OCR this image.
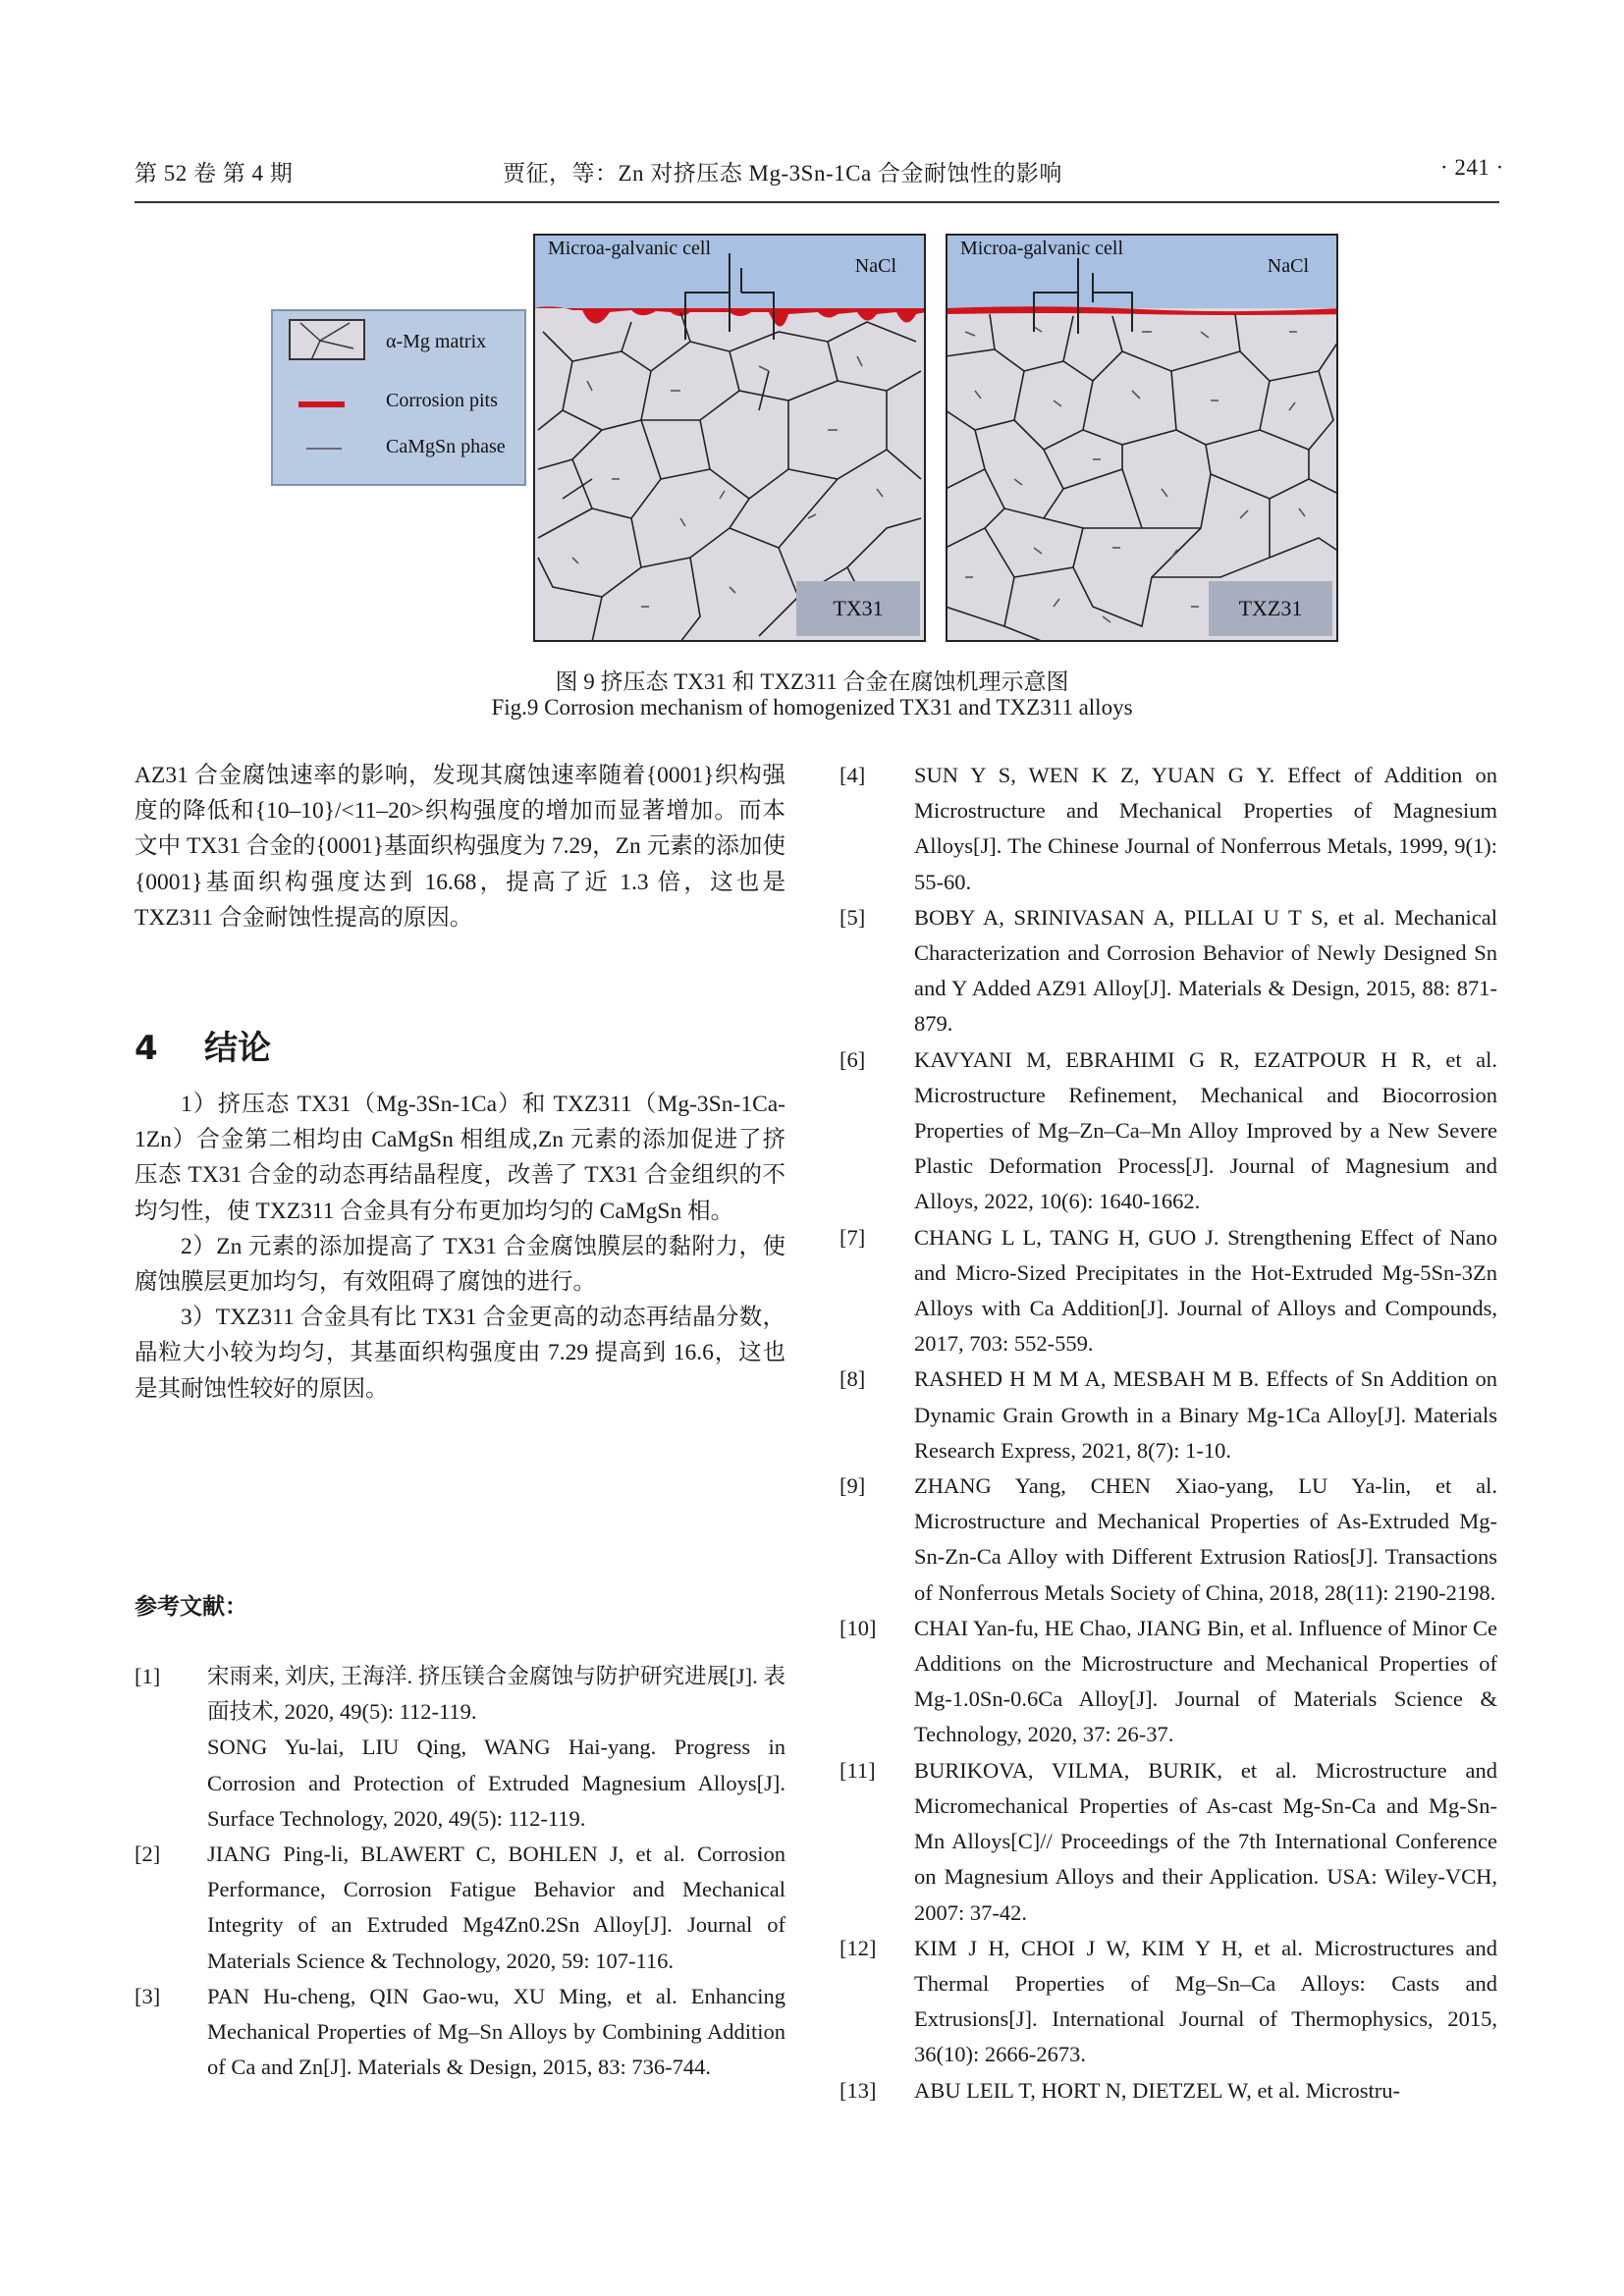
第 52 卷 第 4 期	贾征，等：Zn 对挤压态 Mg-3Sn-1Ca 合金耐蚀性的影响	· 241 ·
α-Mg matrix
Corrosion pits
CaMgSn phase
Microa-galvanic cell
NaCl
TX31
Microa-galvanic cell
NaCl
TXZ31
图 9 挤压态 TX31 和 TXZ311 合金在腐蚀机理示意图
Fig.9 Corrosion mechanism of homogenized TX31 and TXZ311 alloys

AZ31 合金腐蚀速率的影响，发现其腐蚀速率随着{0001}织构强度的降低和{10–10}/<11–20>织构强度的增加而显著增加。而本文中 TX31 合金的{0001}基面织构强度为 7.29，Zn 元素的添加使{0001}基面织构强度达到 16.68，提高了近 1.3 倍，这也是 TXZ311 合金耐蚀性提高的原因。

4    结论

1）挤压态 TX31（Mg-3Sn-1Ca）和 TXZ311（Mg-3Sn-1Ca-1Zn）合金第二相均由 CaMgSn 相组成,Zn 元素的添加促进了挤压态 TX31 合金的动态再结晶程度，改善了 TX31 合金组织的不均匀性，使 TXZ311 合金具有分布更加均匀的 CaMgSn 相。

2）Zn 元素的添加提高了 TX31 合金腐蚀膜层的黏附力，使腐蚀膜层更加均匀，有效阻碍了腐蚀的进行。

3）TXZ311 合金具有比 TX31 合金更高的动态再结晶分数，晶粒大小较为均匀，其基面织构强度由 7.29 提高到 16.6，这也是其耐蚀性较好的原因。

参考文献：
[1] 宋雨来, 刘庆, 王海洋. 挤压镁合金腐蚀与防护研究进展[J]. 表面技术, 2020, 49(5): 112-119.
SONG Yu-lai, LIU Qing, WANG Hai-yang. Progress in Corrosion and Protection of Extruded Magnesium Alloys[J]. Surface Technology, 2020, 49(5): 112-119.
[2] JIANG Ping-li, BLAWERT C, BOHLEN J, et al. Corrosion Performance, Corrosion Fatigue Behavior and Mechanical Integrity of an Extruded Mg4Zn0.2Sn Alloy[J]. Journal of Materials Science & Technology, 2020, 59: 107-116.
[3] PAN Hu-cheng, QIN Gao-wu, XU Ming, et al. Enhancing Mechanical Properties of Mg–Sn Alloys by Combining Addition of Ca and Zn[J]. Materials & Design, 2015, 83: 736-744.
[4] SUN Y S, WEN K Z, YUAN G Y. Effect of Addition on Microstructure and Mechanical Properties of Magnesium Alloys[J]. The Chinese Journal of Nonferrous Metals, 1999, 9(1): 55-60.
[5] BOBY A, SRINIVASAN A, PILLAI U T S, et al. Mechanical Characterization and Corrosion Behavior of Newly Designed Sn and Y Added AZ91 Alloy[J]. Materials & Design, 2015, 88: 871-879.
[6] KAVYANI M, EBRAHIMI G R, EZATPOUR H R, et al. Microstructure Refinement, Mechanical and Biocorrosion Properties of Mg–Zn–Ca–Mn Alloy Improved by a New Severe Plastic Deformation Process[J]. Journal of Magnesium and Alloys, 2022, 10(6): 1640-1662.
[7] CHANG L L, TANG H, GUO J. Strengthening Effect of Nano and Micro-Sized Precipitates in the Hot-Extruded Mg-5Sn-3Zn Alloys with Ca Addition[J]. Journal of Alloys and Compounds, 2017, 703: 552-559.
[8] RASHED H M M A, MESBAH M B. Effects of Sn Addition on Dynamic Grain Growth in a Binary Mg-1Ca Alloy[J]. Materials Research Express, 2021, 8(7): 1-10.
[9] ZHANG Yang, CHEN Xiao-yang, LU Ya-lin, et al. Microstructure and Mechanical Properties of As-Extruded Mg-Sn-Zn-Ca Alloy with Different Extrusion Ratios[J]. Transactions of Nonferrous Metals Society of China, 2018, 28(11): 2190-2198.
[10] CHAI Yan-fu, HE Chao, JIANG Bin, et al. Influence of Minor Ce Additions on the Microstructure and Mechanical Properties of Mg-1.0Sn-0.6Ca Alloy[J]. Journal of Materials Science & Technology, 2020, 37: 26-37.
[11] BURIKOVA, VILMA, BURIK, et al. Microstructure and Micromechanical Properties of As-cast Mg-Sn-Ca and Mg-Sn-Mn Alloys[C]// Proceedings of the 7th International Conference on Magnesium Alloys and their Application. USA: Wiley-VCH, 2007: 37-42.
[12] KIM J H, CHOI J W, KIM Y H, et al. Microstructures and Thermal Properties of Mg–Sn–Ca Alloys: Casts and Extrusions[J]. International Journal of Thermophysics, 2015, 36(10): 2666-2673.
[13] ABU LEIL T, HORT N, DIETZEL W, et al. Microstru-
